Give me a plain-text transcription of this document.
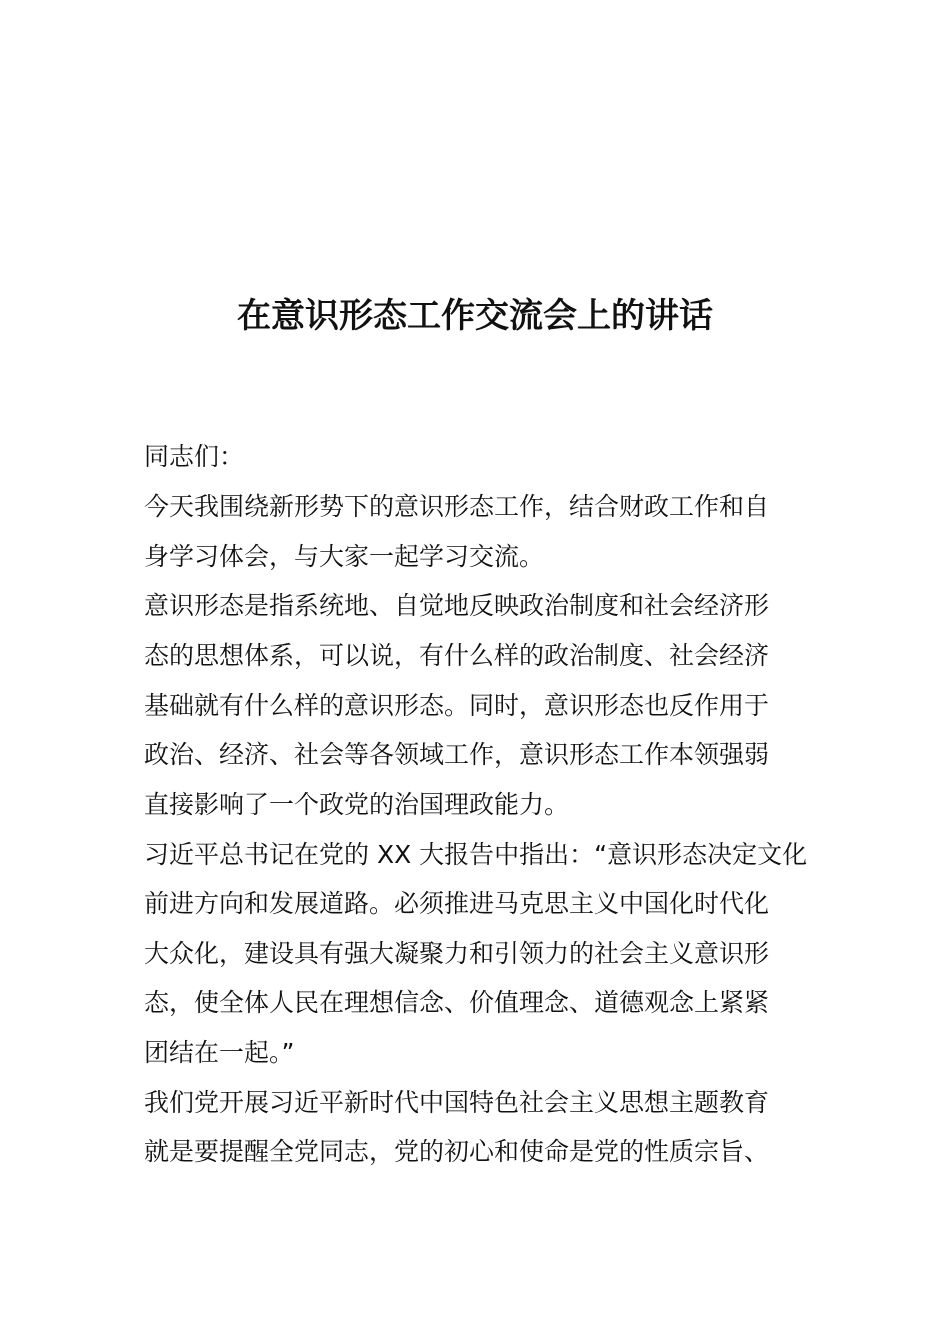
在意识形态工作交流会上的讲话
同志们：
今天我围绕新形势下的意识形态工作，结合财政工作和自
身学习体会，与大家一起学习交流。
意识形态是指系统地、自觉地反映政治制度和社会经济形
态的思想体系，可以说，有什么样的政治制度、社会经济
基础就有什么样的意识形态。同时，意识形态也反作用于
政治、经济、社会等各领域工作，意识形态工作本领强弱
直接影响了一个政党的治国理政能力。
习近平总书记在党的 XX 大报告中指出：“意识形态决定文化
前进方向和发展道路。必须推进马克思主义中国化时代化
大众化，建设具有强大凝聚力和引领力的社会主义意识形
态，使全体人民在理想信念、价值理念、道德观念上紧紧
团结在一起。”
我们党开展习近平新时代中国特色社会主义思想主题教育
就是要提醒全党同志，党的初心和使命是党的性质宗旨、
